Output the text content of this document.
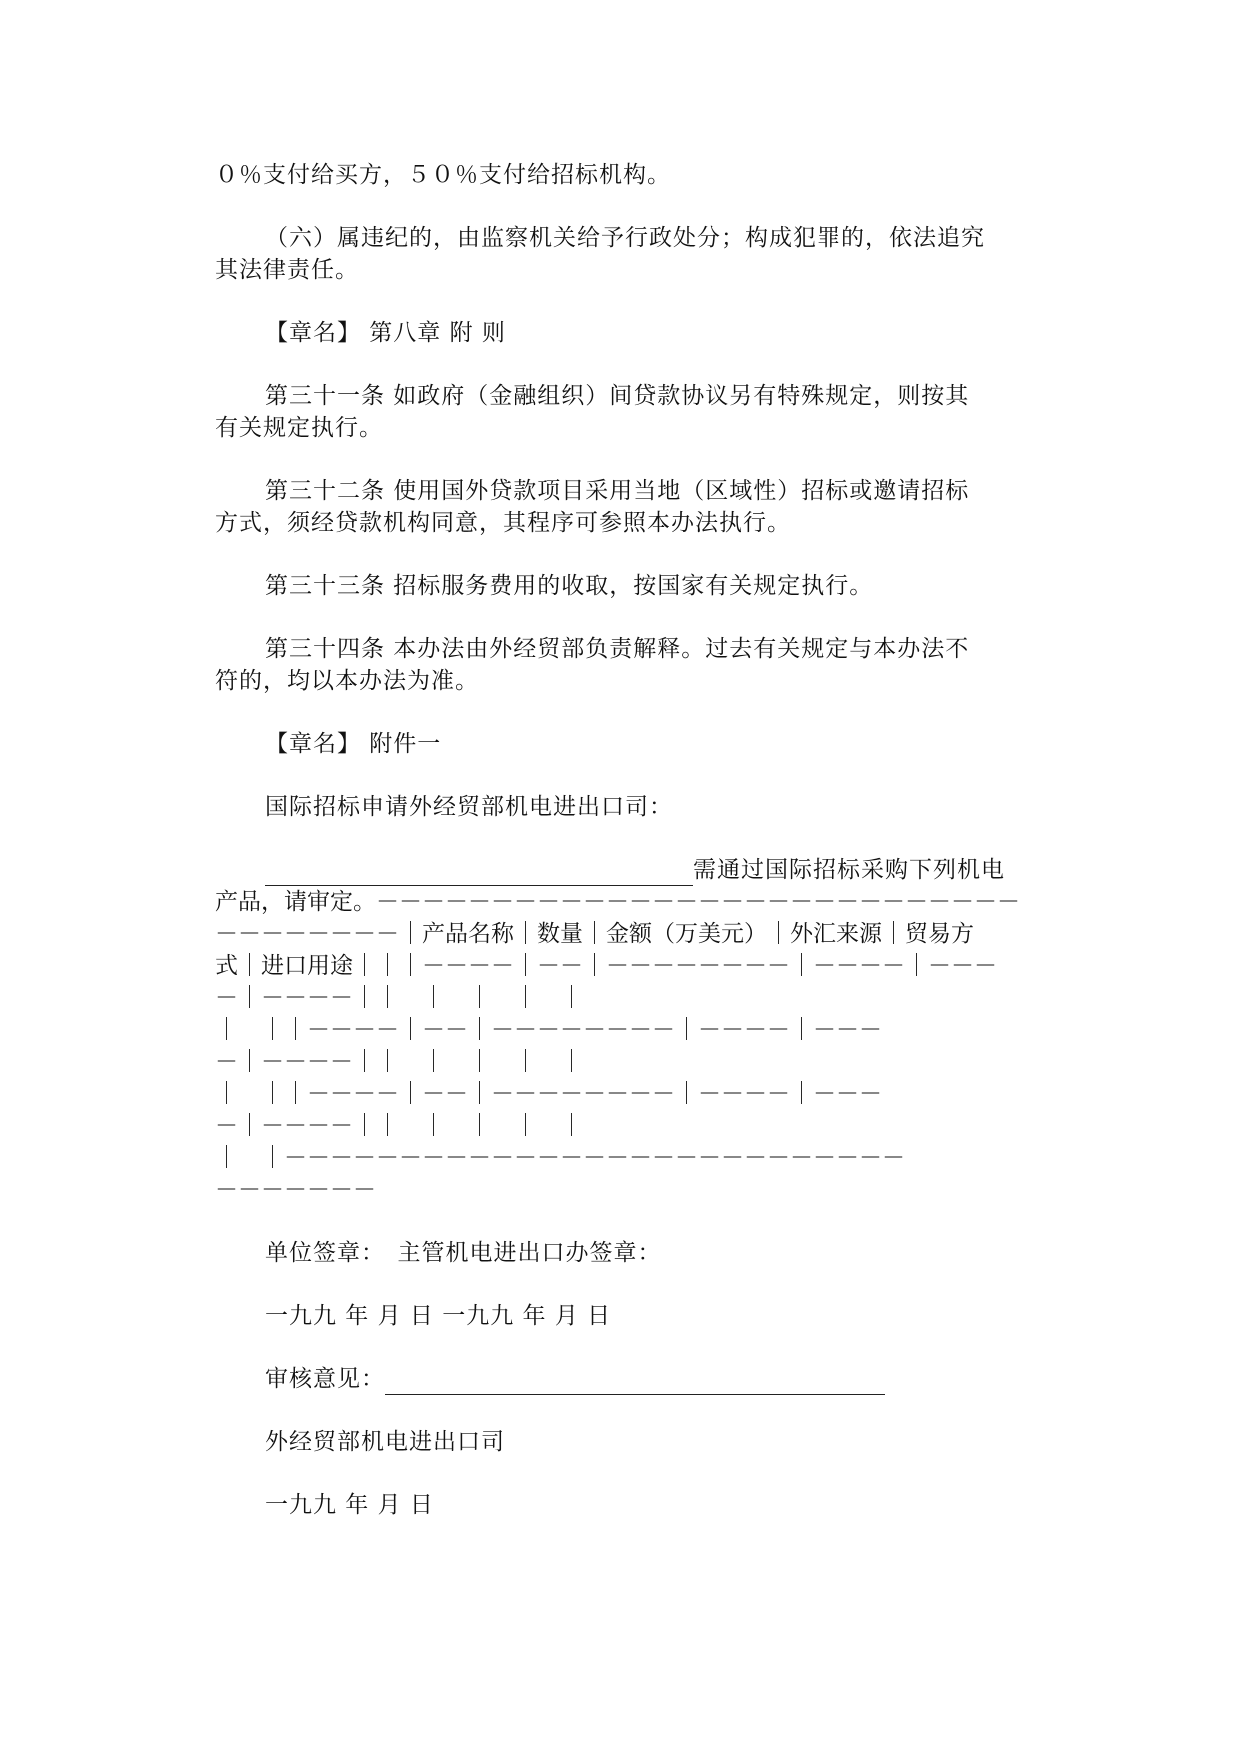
０％支付给买方，５０％支付给招标机构。
（六）属违纪的，由监察机关给予行政处分；构成犯罪的，依法追究
其法律责任。
【章名】 第八章 附 则
第三十一条 如政府（金融组织）间贷款协议另有特殊规定，则按其
有关规定执行。
第三十二条 使用国外贷款项目采用当地（区域性）招标或邀请招标
方式，须经贷款机构同意，其程序可参照本办法执行。
第三十三条 招标服务费用的收取，按国家有关规定执行。
第三十四条 本办法由外经贸部负责解释。过去有关规定与本办法不
符的，均以本办法为准。
【章名】 附件一
国际招标申请外经贸部机电进出口司：
需通过国际招标采购下列机电
产品，请审定。－－－－－－－－－－－－－－－－－－－－－－－－－－－－
－－－－－－－－｜产品名称｜数量｜金额（万美元）｜外汇来源｜贸易方
式｜进口用途｜｜｜－－－－｜－－｜－－－－－－－－｜－－－－｜－－－
－｜－－－－｜｜　｜　｜　｜　｜
｜　｜｜－－－－｜－－｜－－－－－－－－｜－－－－｜－－－
－｜－－－－｜｜　｜　｜　｜　｜
｜　｜｜－－－－｜－－｜－－－－－－－－｜－－－－｜－－－
－｜－－－－｜｜　｜　｜　｜　｜
｜　｜－－－－－－－－－－－－－－－－－－－－－－－－－－－
－－－－－－－
单位签章：　主管机电进出口办签章：
一九九 年 月 日 一九九 年 月 日
审核意见：
外经贸部机电进出口司
一九九 年 月 日
